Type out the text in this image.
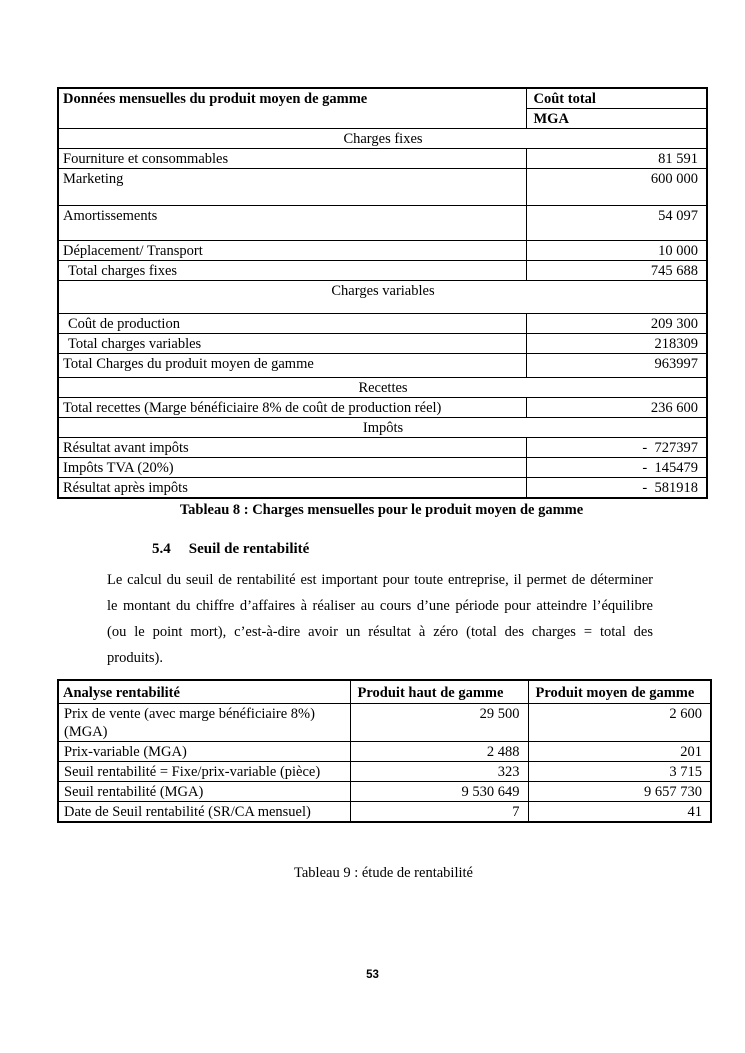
Données mensuelles du produit moyen de gamme	Coût total
	MGA
Charges fixes	
Fourniture et consommables	81 591
Marketing	600 000
Amortissements	54 097
Déplacement/ Transport	10 000
Total charges fixes	745 688
Charges variables	
Coût de production	209 300
Total charges variables	218309
Total Charges du produit moyen de gamme	963997
Recettes	
Total recettes (Marge bénéficiaire 8% de coût de production réel)	236 600
Impôts	
Résultat avant impôts	-  727397
Impôts TVA (20%)	-  145479
Résultat après impôts	-  581918
Tableau 8 : Charges mensuelles pour le produit moyen de gamme
5.4 Seuil de rentabilité
Le calcul du seuil de rentabilité est important pour toute entreprise, il permet de déterminer
le montant du chiffre d’affaires à réaliser au cours d’une période pour atteindre l’équilibre
(ou le point mort), c’est-à-dire avoir un résultat à zéro (total des charges = total des
produits).
Analyse rentabilité	Produit haut de gamme	Produit moyen de gamme
Prix de vente (avec marge bénéficiaire 8%) (MGA)	29 500	2 600
Prix-variable (MGA)	2 488	201
Seuil rentabilité = Fixe/prix-variable (pièce)	323	3 715
Seuil rentabilité (MGA)	9 530 649	9 657 730
Date de Seuil rentabilité (SR/CA mensuel)	7	41
Tableau 9 : étude de rentabilité
53
